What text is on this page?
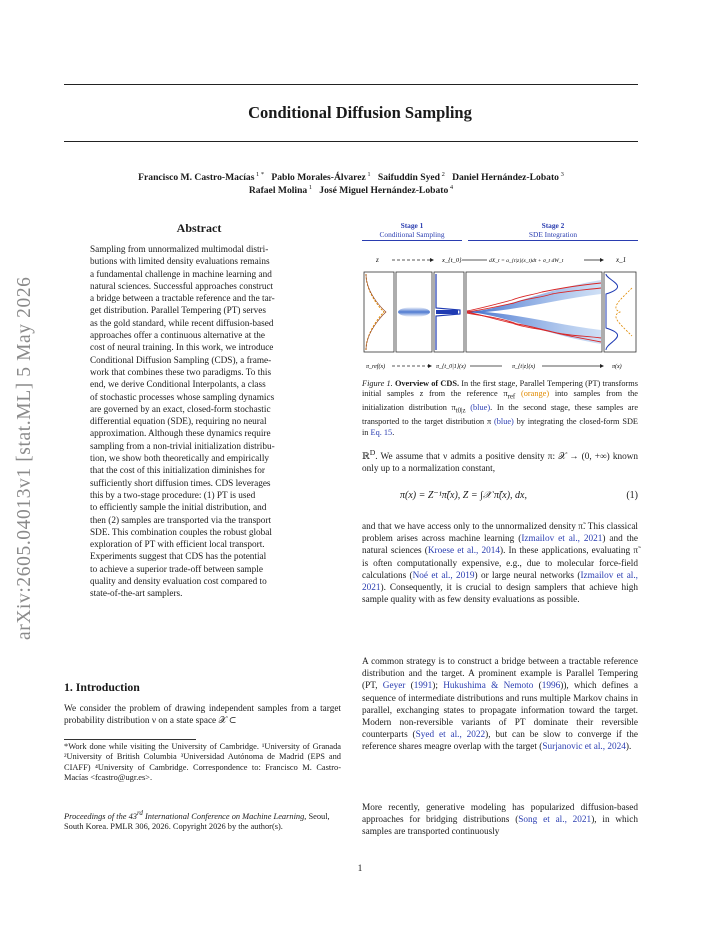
Conditional Diffusion Sampling
Francisco M. Castro-Macías $^{1 *}$ Pablo Morales-Álvarez $^1$ Saifuddin Syed $^2$ Daniel Hernández-Lobato $^3$
Rafael Molina $^1$ José Miguel Hernández-Lobato $^4$
arXiv:2605.04013v1 [stat.ML] 5 May 2026
Abstract
Sampling from unnormalized multimodal distri-
butions with limited density evaluations remains
a fundamental challenge in machine learning and
natural sciences. Successful approaches construct
a bridge between a tractable reference and the tar-
get distribution. Parallel Tempering (PT) serves
as the gold standard, while recent diffusion-based
approaches offer a continuous alternative at the
cost of neural training. In this work, we introduce
Conditional Diffusion Sampling (CDS), a frame-
work that combines these two paradigms. To this
end, we derive Conditional Interpolants, a class
of stochastic processes whose sampling dynamics
are governed by an exact, closed-form stochastic
differential equation (SDE), requiring no neural
approximation. Although these dynamics require
sampling from a non-trivial initialization distribu-
tion, we show both theoretically and empirically
that the cost of this initialization diminishes for
sufficiently short diffusion times. CDS leverages
this by a two-stage procedure: (1) PT is used
to efficiently sample the initial distribution, and
then (2) samples are transported via the transport
SDE. This combination couples the robust global
exploration of PT with efficient local transport.
Experiments suggest that CDS has the potential
to achieve a superior trade-off between sample
quality and density evaluation cost compared to
state-of-the-art samplers.
1. Introduction
We consider the problem of drawing independent samples from a target probability distribution ν on a state space 𝒳 ⊂
*Work done while visiting the University of Cambridge. ¹University of Granada ²University of British Columbia ³Universidad Autónoma de Madrid (EPS and CIAFF) ⁴University of Cambridge. Correspondence to: Francisco M. Castro-Macías <fcastro@ugr.es>.
Proceedings of the 43rd International Conference on Machine Learning, Seoul, South Korea. PMLR 306, 2026. Copyright 2026 by the author(s).
Stage 1
Conditional Sampling
Stage 2
SDE Integration
z	x_{t_0}	dX_t = a_{t|z}(x_t)dt + σ_t dW_t	x_1
π_ref(x)	π_{t_0|1}(x)	π_{t|z}(x)	π(x)
Figure 1. Overview of CDS. In the first stage, Parallel Tempering (PT) transforms initial samples z from the reference $\pi_{ref}$ (orange) into samples from the initialization distribution $\pi_{t0|z}$ (blue). In the second stage, these samples are transported to the target distribution π (blue) by integrating the closed-form SDE in Eq. 15.
ℝ$^D$. We assume that ν admits a positive density π: 𝒳 → (0, +∞) known only up to a normalization constant,
π(x) = Z⁻¹π̃(x), Z = ∫𝒳 π̃(x), dx,	(1)
and that we have access only to the unnormalized density π̃. This classical problem arises across machine learning (Izmailov et al., 2021) and the natural sciences (Kroese et al., 2014). In these applications, evaluating π̃ is often computationally expensive, e.g., due to molecular force-field calculations (Noé et al., 2019) or large neural networks (Izmailov et al., 2021). Consequently, it is crucial to design samplers that achieve high sample quality with as few density evaluations as possible.
A common strategy is to construct a bridge between a tractable reference distribution and the target. A prominent example is Parallel Tempering (PT, Geyer (1991); Hukushima & Nemoto (1996)), which defines a sequence of intermediate distributions and runs multiple Markov chains in parallel, exchanging states to propagate information toward the target. Modern non-reversible variants of PT dominate their reversible counterparts (Syed et al., 2022), but can be slow to converge if the reference shares meagre overlap with the target (Surjanovic et al., 2024).
More recently, generative modeling has popularized diffusion-based approaches for bridging distributions (Song et al., 2021), in which samples are transported continuously
1
